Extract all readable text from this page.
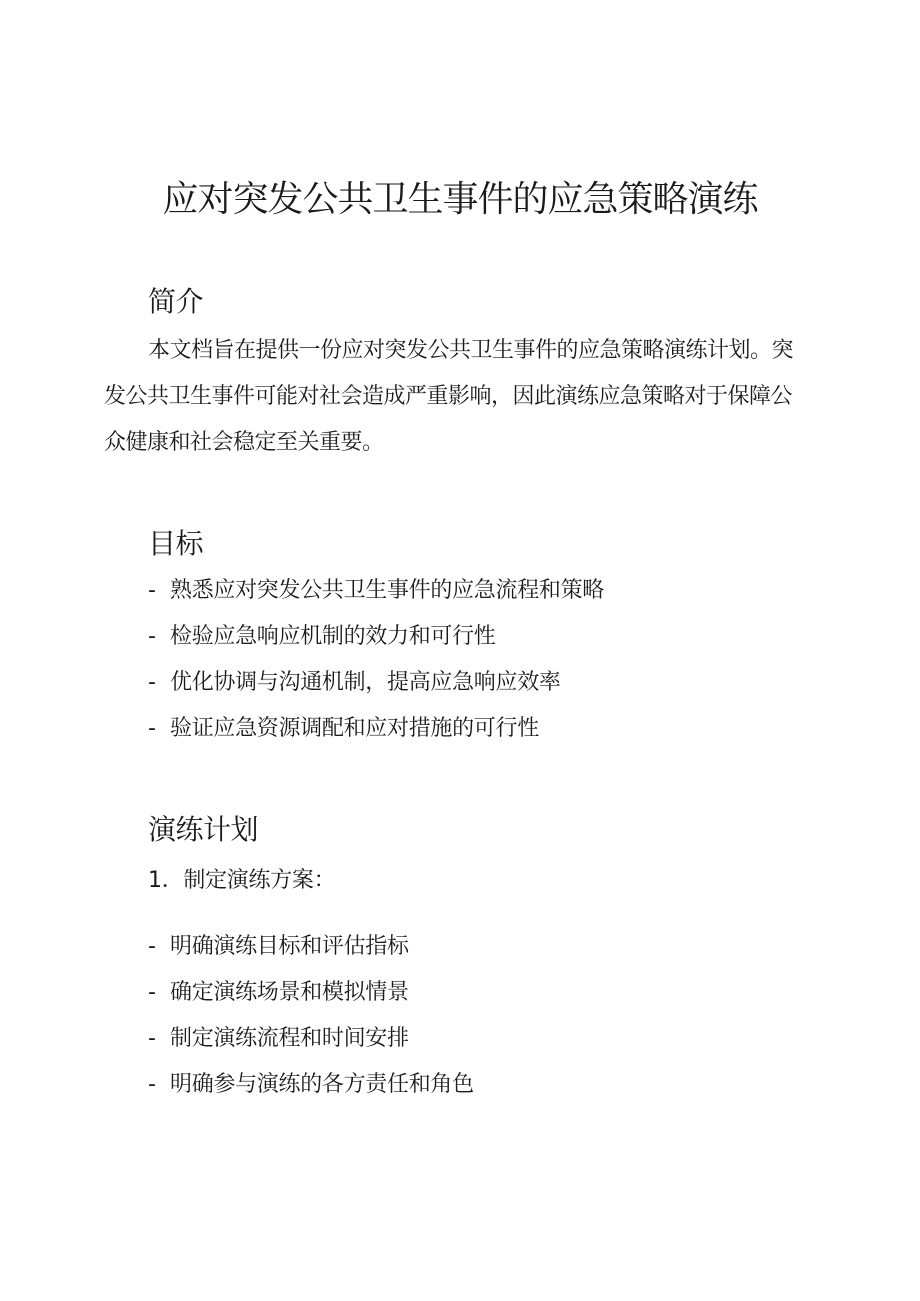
应对突发公共卫生事件的应急策略演练
简介

本文档旨在提供一份应对突发公共卫生事件的应急策略演练计划。突发公共卫生事件可能对社会造成严重影响，因此演练应急策略对于保障公众健康和社会稳定至关重要。

目标

- 熟悉应对突发公共卫生事件的应急流程和策略

- 检验应急响应机制的效力和可行性

- 优化协调与沟通机制，提高应急响应效率

- 验证应急资源调配和应对措施的可行性

演练计划

1．制定演练方案：

- 明确演练目标和评估指标

- 确定演练场景和模拟情景

- 制定演练流程和时间安排

- 明确参与演练的各方责任和角色
